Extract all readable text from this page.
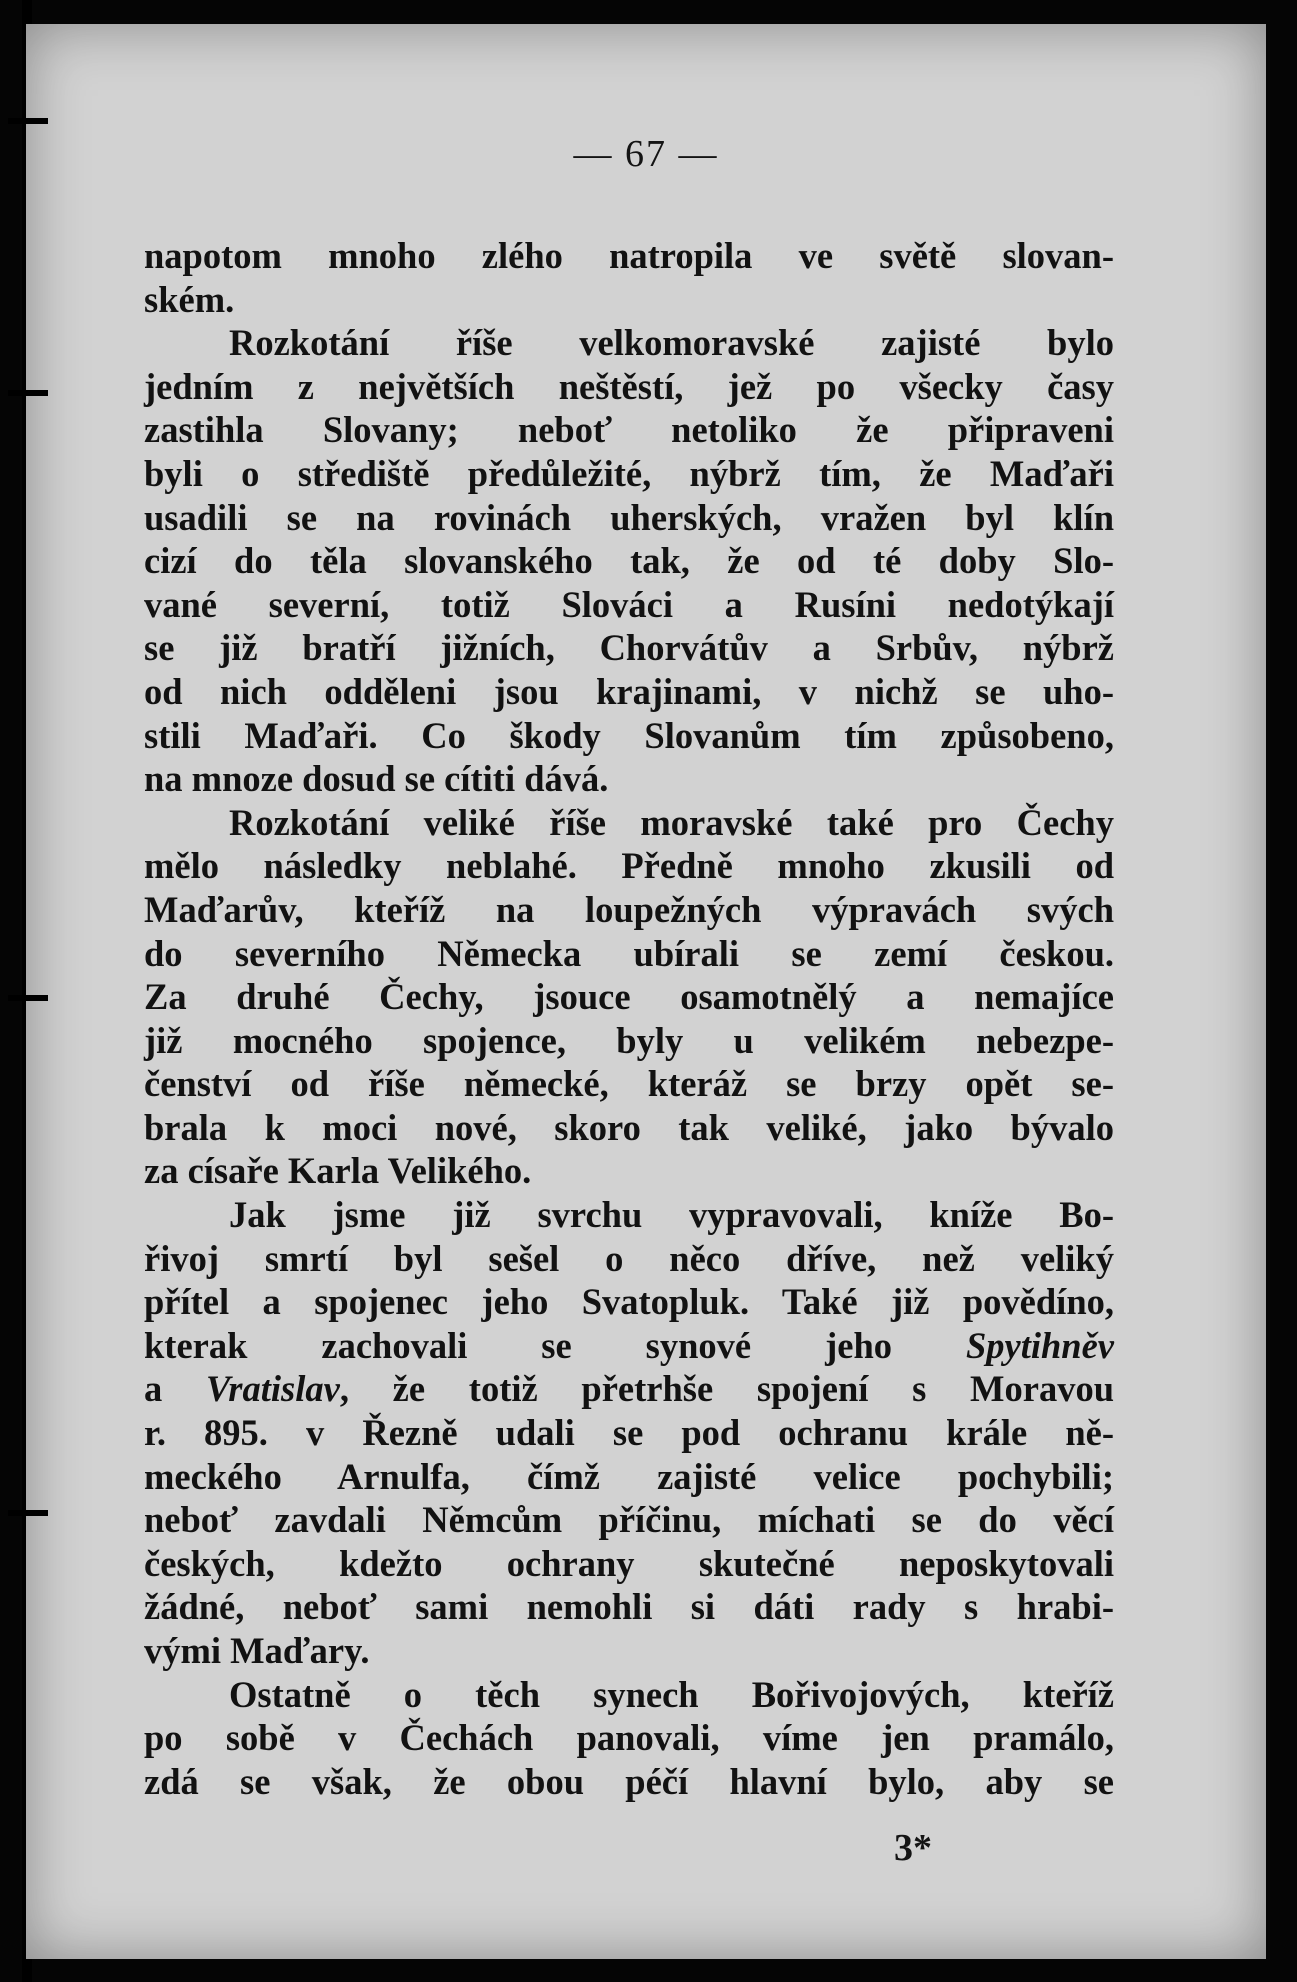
— 67 —
napotom mnoho zlého natropila ve světě slovan-
ském.
Rozkotání říše velkomoravské zajisté bylo
jedním z největších neštěstí, jež po všecky časy
zastihla Slovany; neboť netoliko že připraveni
byli o střediště předůležité, nýbrž tím, že Maďaři
usadili se na rovinách uherských, vražen byl klín
cizí do těla slovanského tak, že od té doby Slo-
vané severní, totiž Slováci a Rusíni nedotýkají
se již bratří jižních, Chorvátův a Srbův, nýbrž
od nich odděleni jsou krajinami, v nichž se uho-
stili Maďaři. Co škody Slovanům tím způsobeno,
na mnoze dosud se cítiti dává.
Rozkotání veliké říše moravské také pro Čechy
mělo následky neblahé. Předně mnoho zkusili od
Maďarův, kteříž na loupežných výpravách svých
do severního Německa ubírali se zemí českou.
Za druhé Čechy, jsouce osamotnělý a nemajíce
již mocného spojence, byly u velikém nebezpe-
čenství od říše německé, kteráž se brzy opět se-
brala k moci nové, skoro tak veliké, jako bývalo
za císaře Karla Velikého.
Jak jsme již svrchu vypravovali, kníže Bo-
řivoj smrtí byl sešel o něco dříve, než veliký
přítel a spojenec jeho Svatopluk. Také již povědíno,
kterak zachovali se synové jeho Spytihněv
a Vratislav, že totiž přetrhše spojení s Moravou
r. 895. v Řezně udali se pod ochranu krále ně-
meckého Arnulfa, čímž zajisté velice pochybili;
neboť zavdali Němcům příčinu, míchati se do věcí
českých, kdežto ochrany skutečné neposkytovali
žádné, neboť sami nemohli si dáti rady s hrabi-
vými Maďary.
Ostatně o těch synech Bořivojových, kteříž
po sobě v Čechách panovali, víme jen pramálo,
zdá se však, že obou péčí hlavní bylo, aby se
3*
